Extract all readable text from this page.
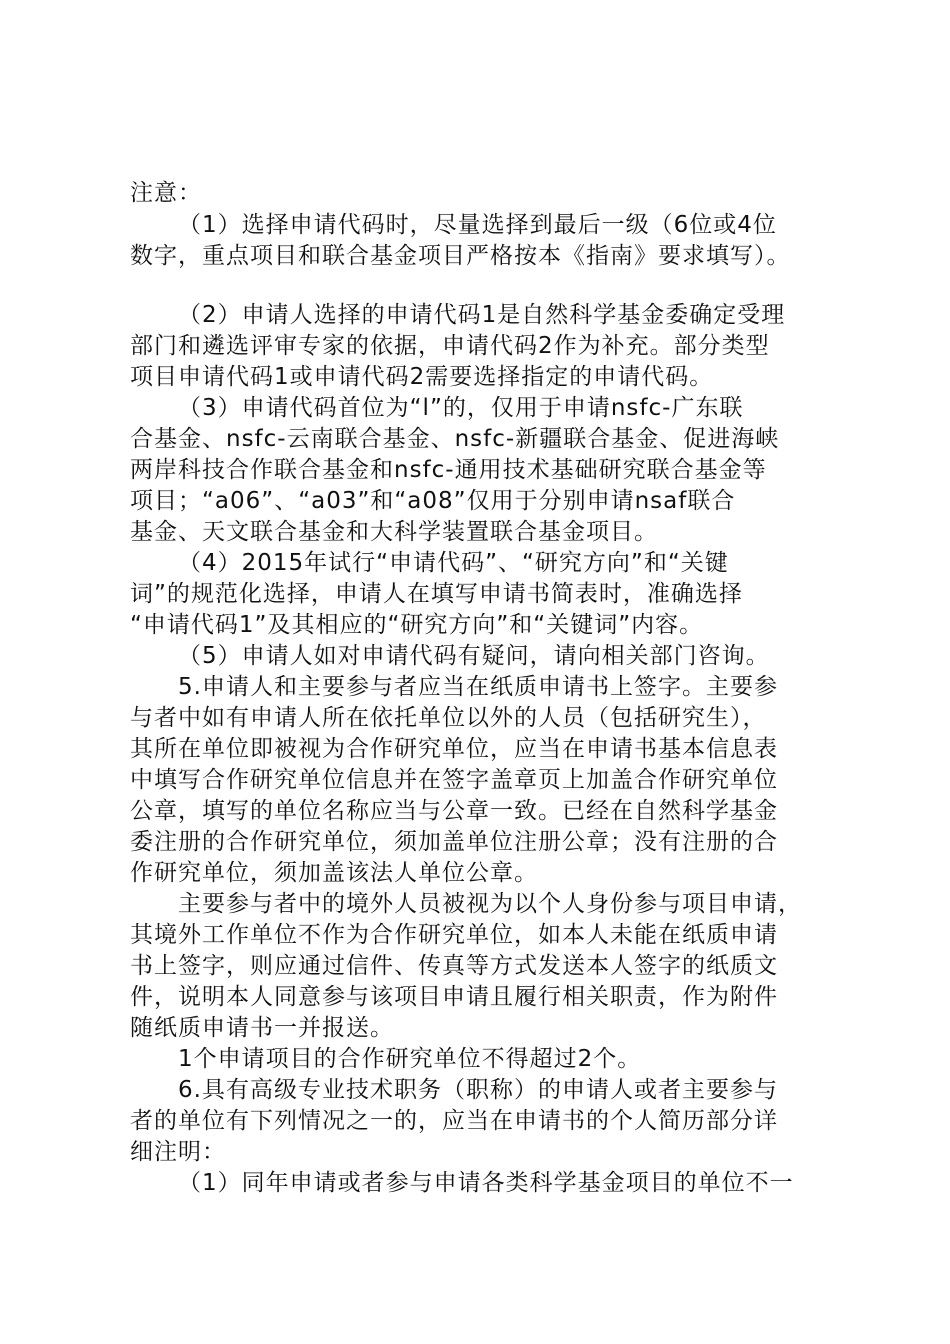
注意：

（1）选择申请代码时，尽量选择到最后一级（6位或4位

数字，重点项目和联合基金项目严格按本《指南》要求填写）。

（2）申请人选择的申请代码1是自然科学基金委确定受理

部门和遴选评审专家的依据，申请代码2作为补充。部分类型

项目申请代码1或申请代码2需要选择指定的申请代码。

（3）申请代码首位为“l”的，仅用于申请nsfc-广东联

合基金、nsfc-云南联合基金、nsfc-新疆联合基金、促进海峡

两岸科技合作联合基金和nsfc-通用技术基础研究联合基金等

项目；“a06”、“a03”和“a08”仅用于分别申请nsaf联合

基金、天文联合基金和大科学装置联合基金项目。

（4）2015年试行“申请代码”、“研究方向”和“关键

词”的规范化选择，申请人在填写申请书简表时，准确选择

“申请代码1”及其相应的“研究方向”和“关键词”内容。

（5）申请人如对申请代码有疑问，请向相关部门咨询。

5.申请人和主要参与者应当在纸质申请书上签字。主要参

与者中如有申请人所在依托单位以外的人员（包括研究生），

其所在单位即被视为合作研究单位，应当在申请书基本信息表

中填写合作研究单位信息并在签字盖章页上加盖合作研究单位

公章，填写的单位名称应当与公章一致。已经在自然科学基金

委注册的合作研究单位，须加盖单位注册公章；没有注册的合

作研究单位，须加盖该法人单位公章。

主要参与者中的境外人员被视为以个人身份参与项目申请，

其境外工作单位不作为合作研究单位，如本人未能在纸质申请

书上签字，则应通过信件、传真等方式发送本人签字的纸质文

件，说明本人同意参与该项目申请且履行相关职责，作为附件

随纸质申请书一并报送。

1个申请项目的合作研究单位不得超过2个。

6.具有高级专业技术职务（职称）的申请人或者主要参与

者的单位有下列情况之一的，应当在申请书的个人简历部分详

细注明：

（1）同年申请或者参与申请各类科学基金项目的单位不一
